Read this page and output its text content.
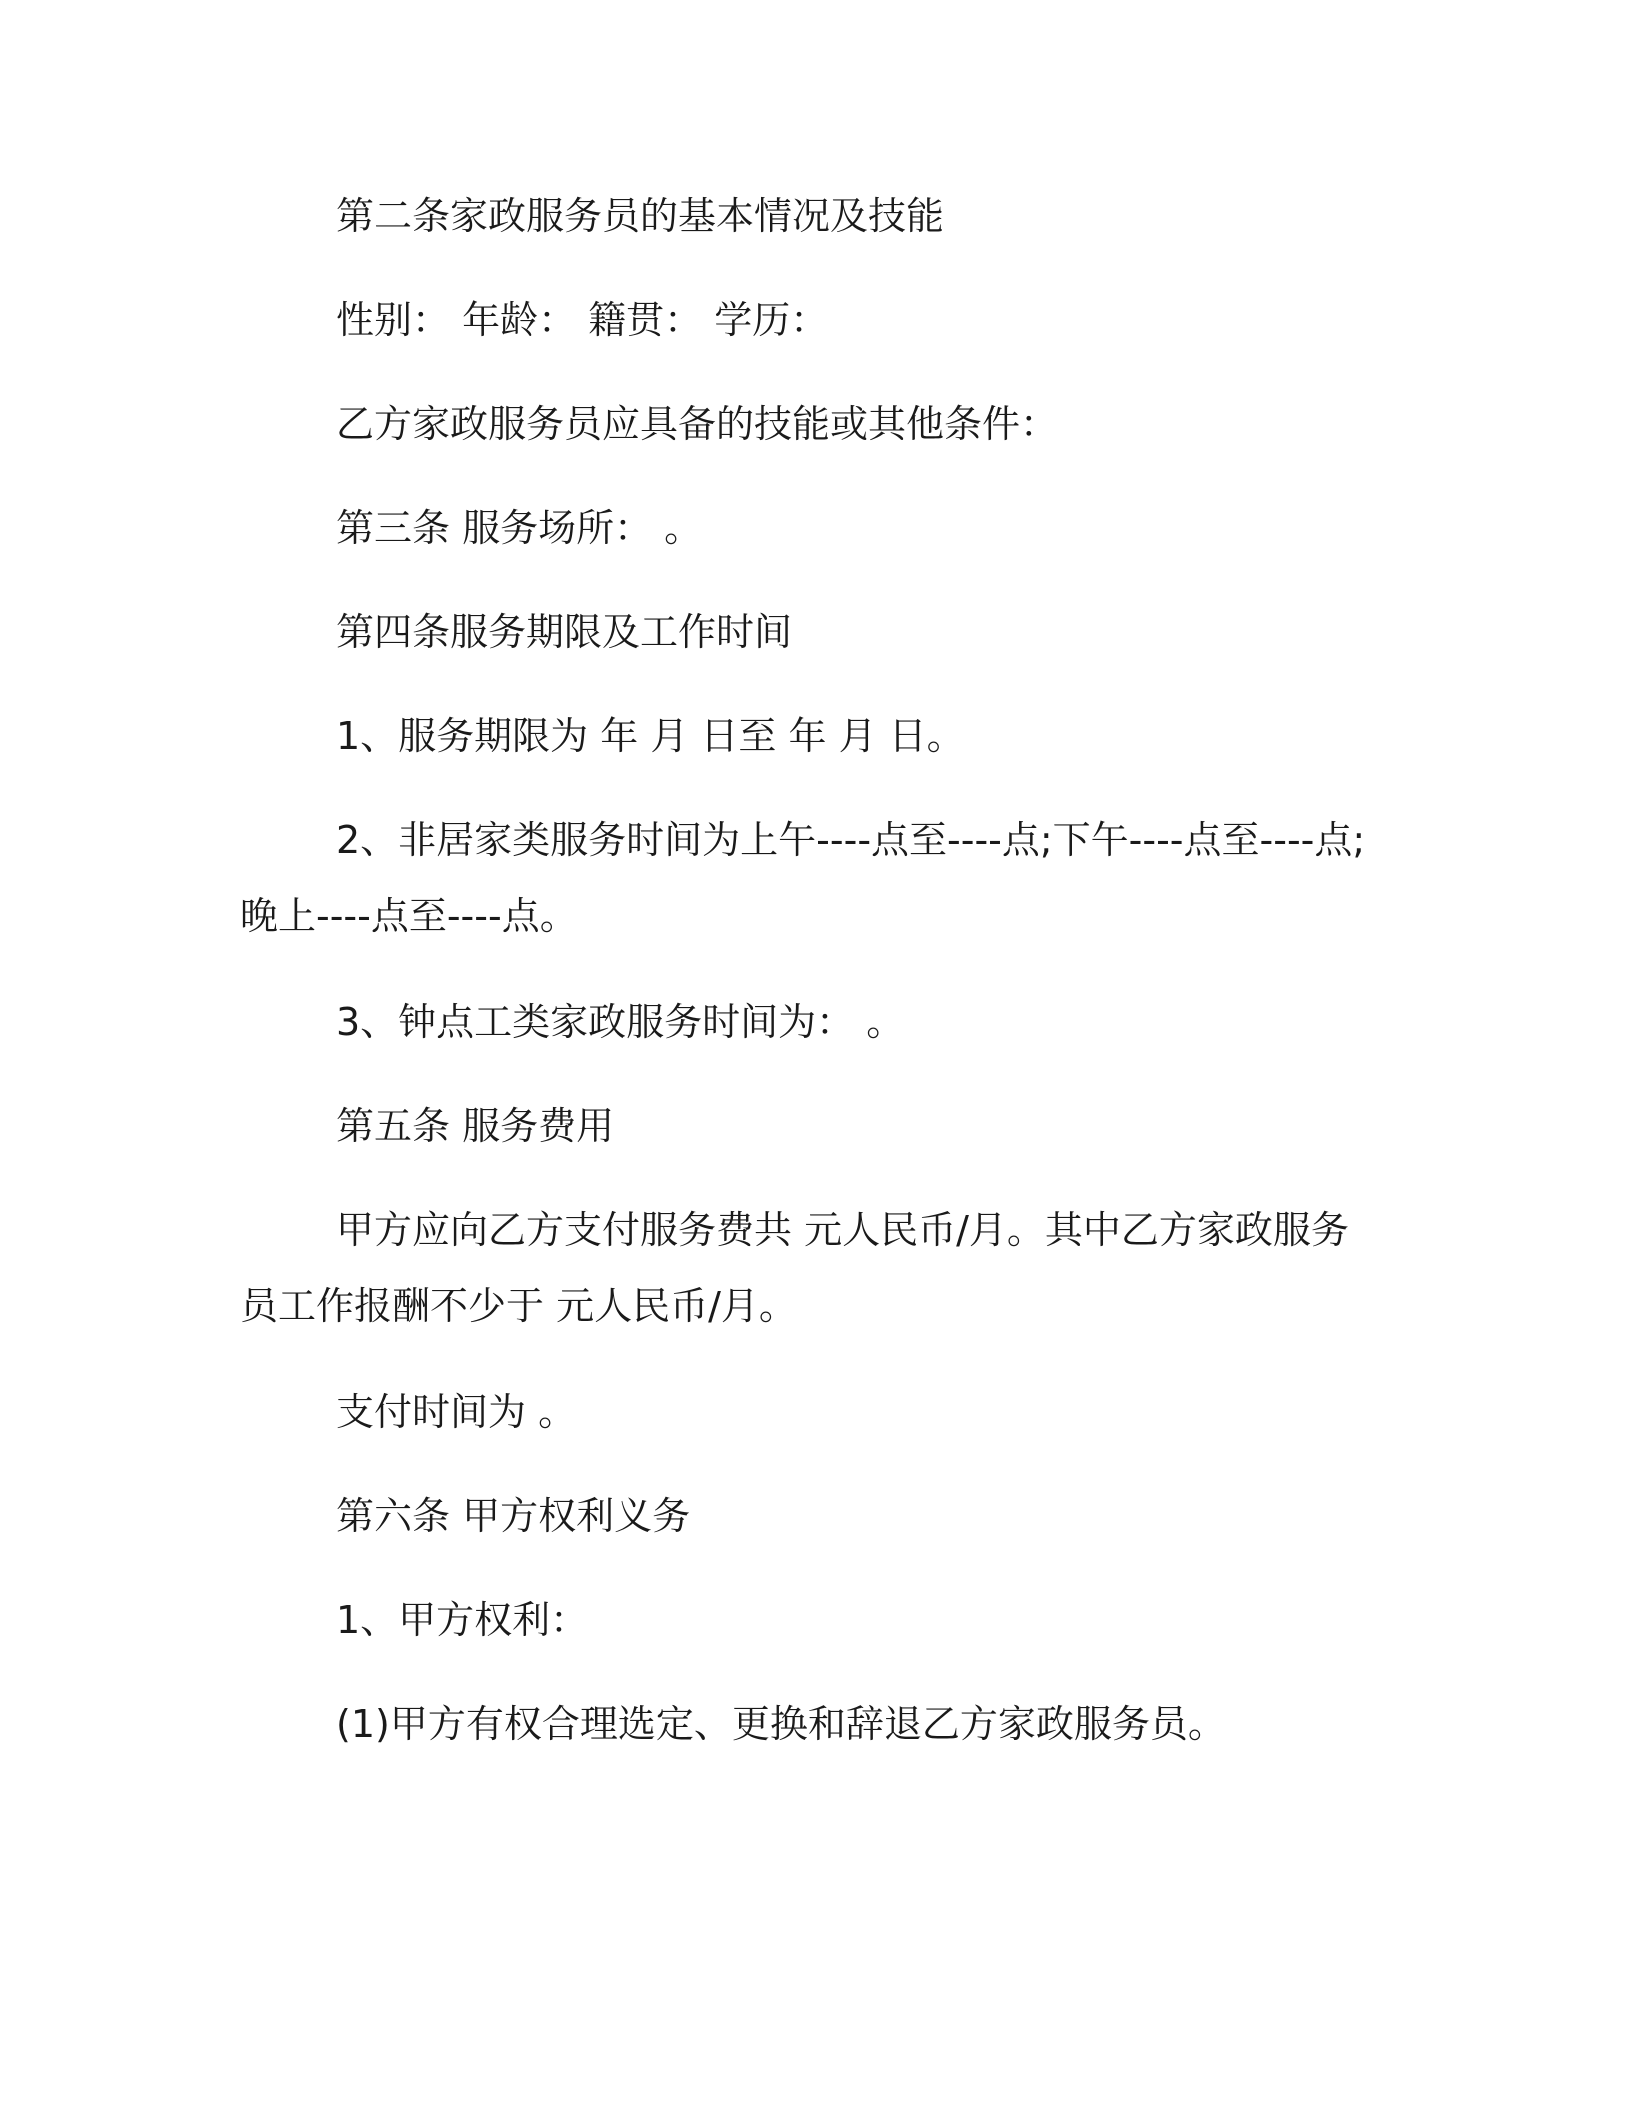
第二条家政服务员的基本情况及技能

性别： 年龄： 籍贯： 学历：

乙方家政服务员应具备的技能或其他条件：

第三条 服务场所： 。

第四条服务期限及工作时间

1、服务期限为 年 月 日至 年 月 日。

2、非居家类服务时间为上午----点至----点;下午----点至----点;晚上----点至----点。

3、钟点工类家政服务时间为： 。

第五条 服务费用

甲方应向乙方支付服务费共 元人民币/月。其中乙方家政服务员工作报酬不少于 元人民币/月。

支付时间为 。

第六条 甲方权利义务

1、甲方权利：

(1)甲方有权合理选定、更换和辞退乙方家政服务员。
